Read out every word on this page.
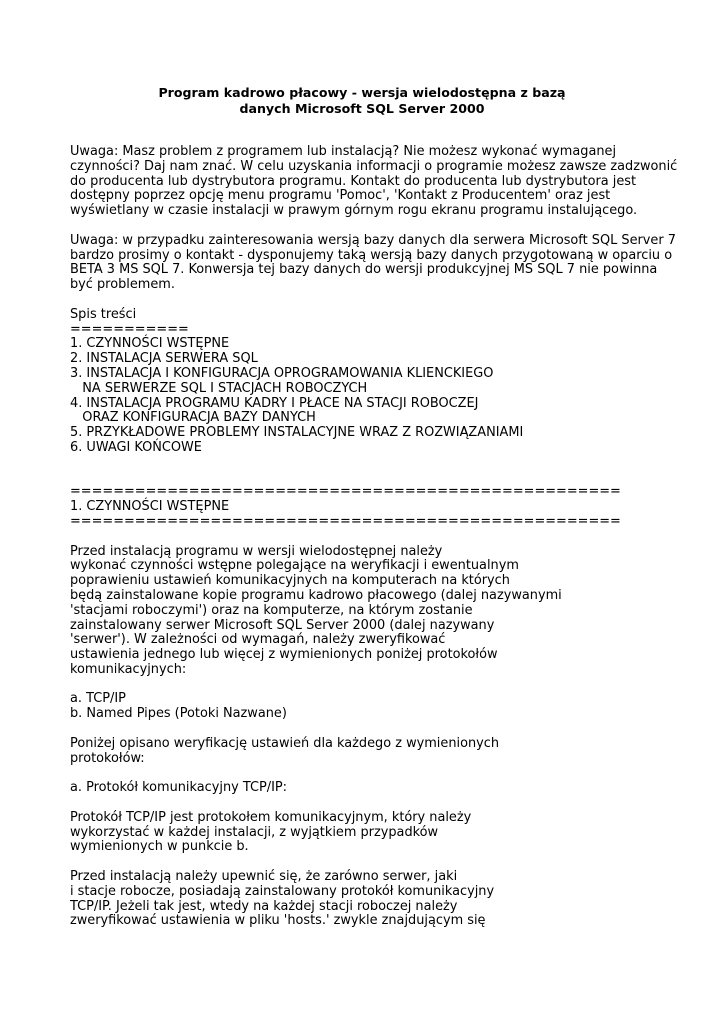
Program kadrowo płacowy - wersja wielodostępna z bazą
danych Microsoft SQL Server 2000
Uwaga: Masz problem z programem lub instalacją? Nie możesz wykonać wymaganej
czynności? Daj nam znać. W celu uzyskania informacji o programie możesz zawsze zadzwonić
do producenta lub dystrybutora programu. Kontakt do producenta lub dystrybutora jest
dostępny poprzez opcję menu programu 'Pomoc', 'Kontakt z Producentem' oraz jest
wyświetlany w czasie instalacji w prawym górnym rogu ekranu programu instalującego.
Uwaga: w przypadku zainteresowania wersją bazy danych dla serwera Microsoft SQL Server 7
bardzo prosimy o kontakt - dysponujemy taką wersją bazy danych przygotowaną w oparciu o
BETA 3 MS SQL 7. Konwersja tej bazy danych do wersji produkcyjnej MS SQL 7 nie powinna
być problemem.
Spis treści
===========
1. CZYNNOŚCI WSTĘPNE
2. INSTALACJA SERWERA SQL
3. INSTALACJA I KONFIGURACJA OPROGRAMOWANIA KLIENCKIEGO
NA SERWERZE SQL I STACJACH ROBOCZYCH
4. INSTALACJA PROGRAMU KADRY I PŁACE NA STACJI ROBOCZEJ
ORAZ KONFIGURACJA BAZY DANYCH
5. PRZYKŁADOWE PROBLEMY INSTALACYJNE WRAZ Z ROZWIĄZANIAMI
6. UWAGI KOŃCOWE
===================================================
1. CZYNNOŚCI WSTĘPNE
===================================================
Przed instalacją programu w wersji wielodostępnej należy
wykonać czynności wstępne polegające na weryfikacji i ewentualnym
poprawieniu ustawień komunikacyjnych na komputerach na których
będą zainstalowane kopie programu kadrowo płacowego (dalej nazywanymi
'stacjami roboczymi') oraz na komputerze, na którym zostanie
zainstalowany serwer Microsoft SQL Server 2000 (dalej nazywany
'serwer'). W zależności od wymagań, należy zweryfikować
ustawienia jednego lub więcej z wymienionych poniżej protokołów
komunikacyjnych:
a. TCP/IP
b. Named Pipes (Potoki Nazwane)
Poniżej opisano weryfikację ustawień dla każdego z wymienionych
protokołów:
a. Protokół komunikacyjny TCP/IP:
Protokół TCP/IP jest protokołem komunikacyjnym, który należy
wykorzystać w każdej instalacji, z wyjątkiem przypadków
wymienionych w punkcie b.
Przed instalacją należy upewnić się, że zarówno serwer, jaki
i stacje robocze, posiadają zainstalowany protokół komunikacyjny
TCP/IP. Jeżeli tak jest, wtedy na każdej stacji roboczej należy
zweryfikować ustawienia w pliku 'hosts.' zwykle znajdującym się
